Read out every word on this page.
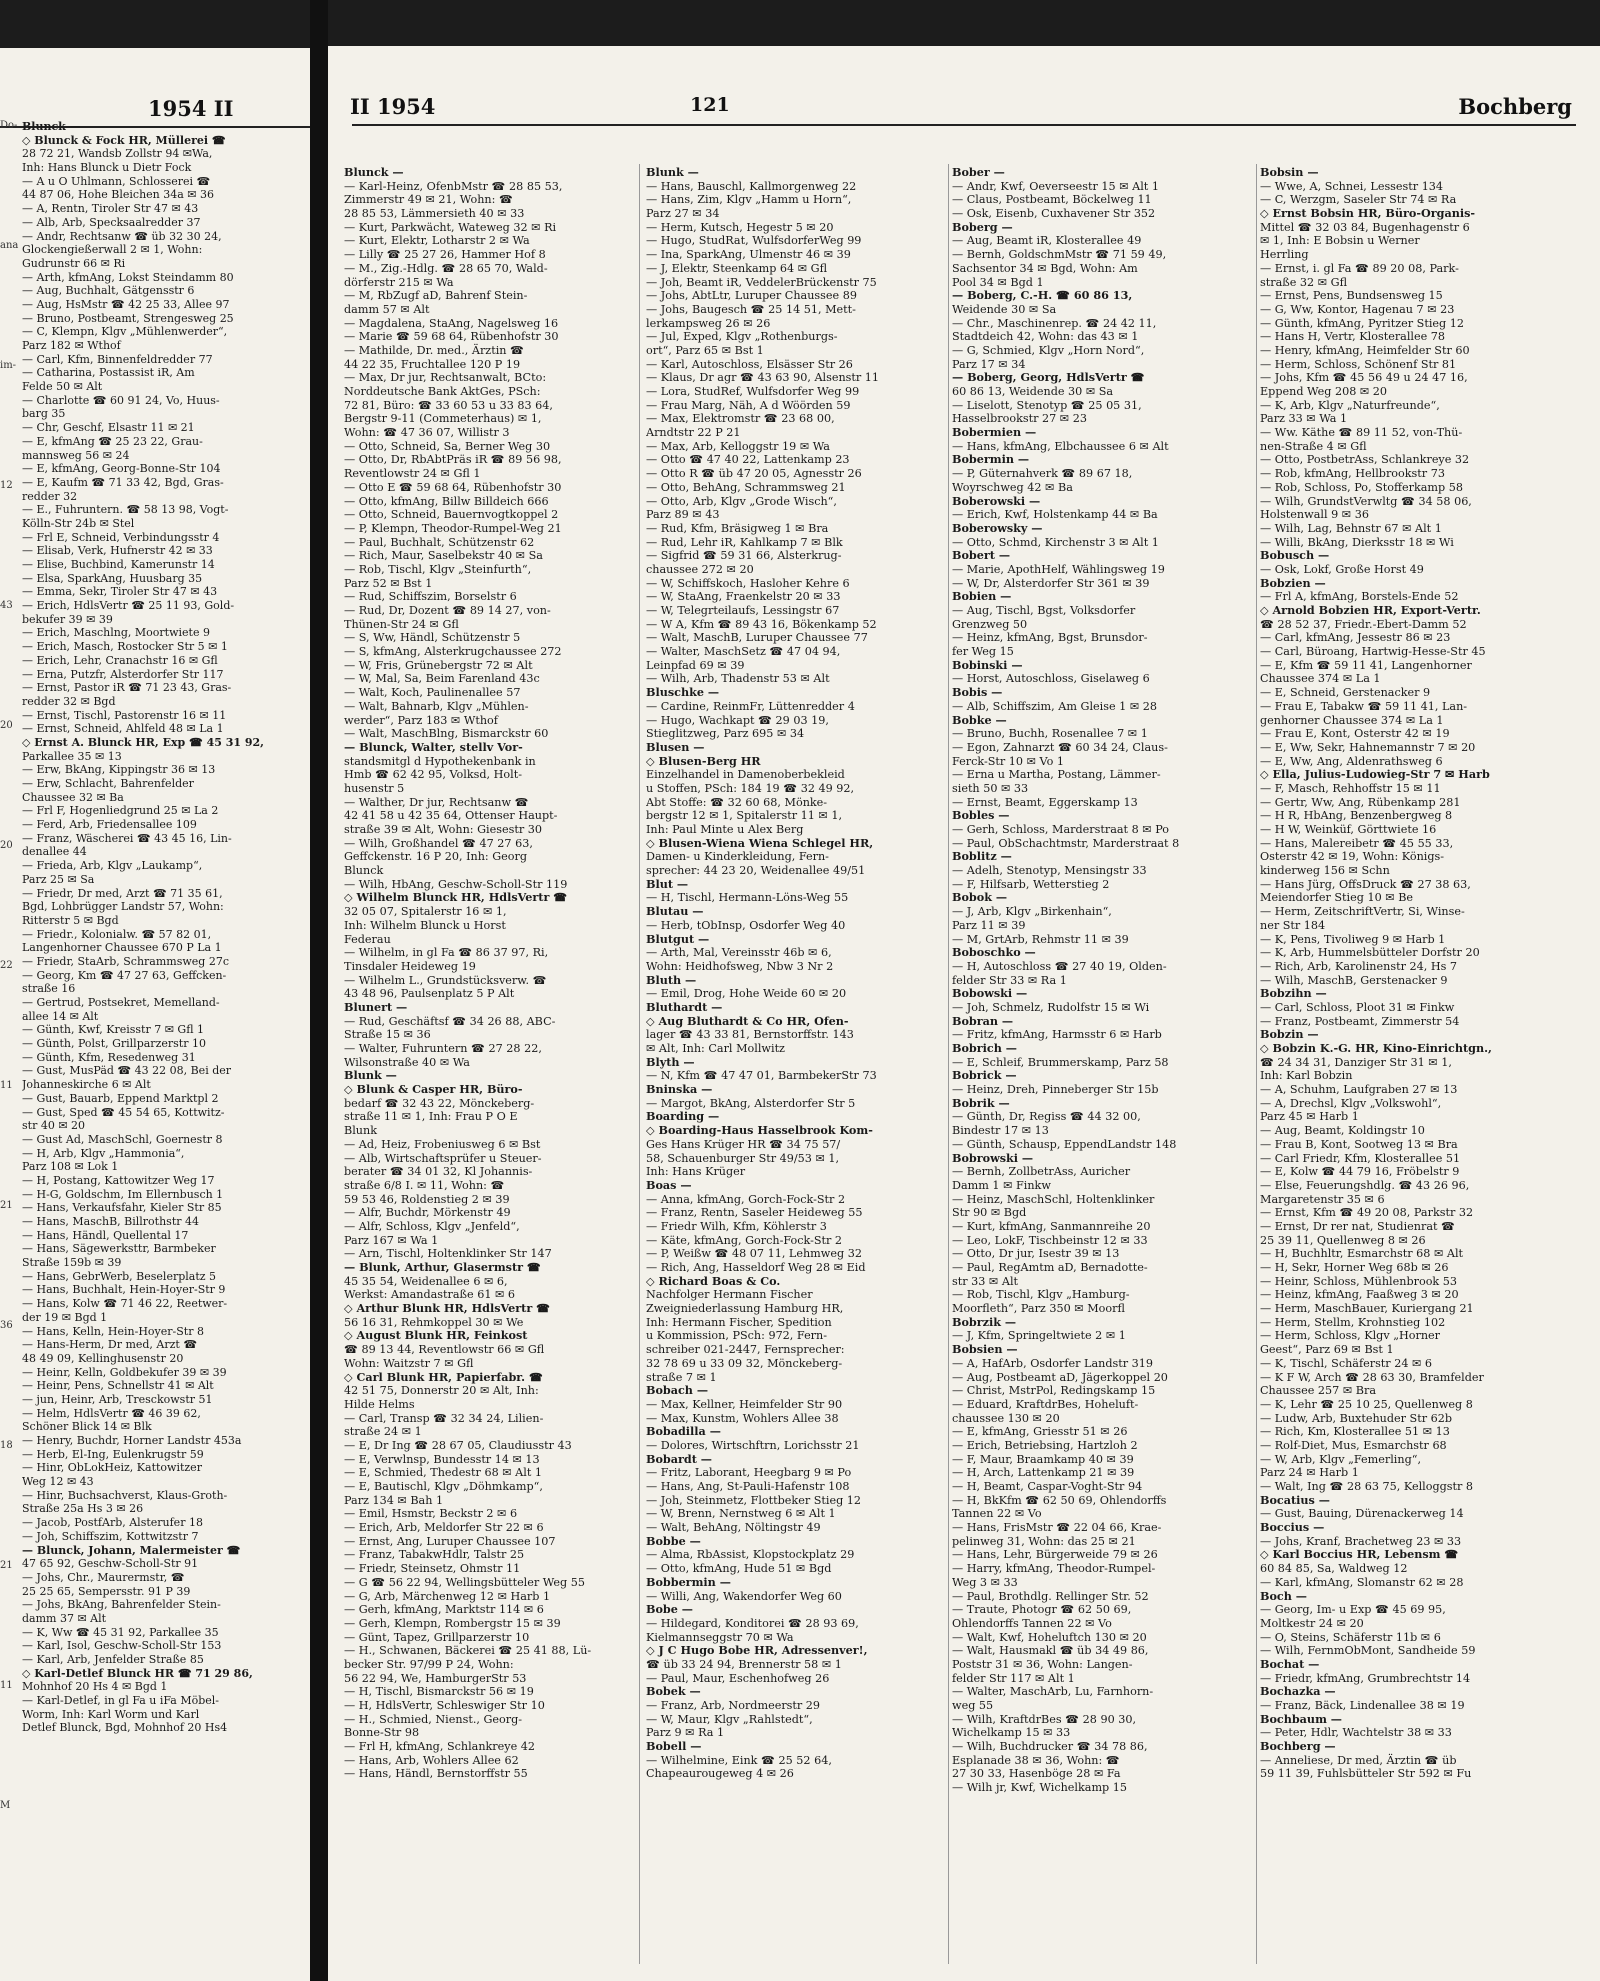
1954 II
Do-
ana
im-
12
43
20
20
22
11
21
36
18
21
11
M
Blunck —
◇ Blunck & Fock HR, Müllerei ☎
28 72 21, Wandsb Zollstr 94 ✉Wa,
Inh: Hans Blunck u Dietr Fock
— A u O Uhlmann, Schlosserei ☎
44 87 06, Hohe Bleichen 34a ✉ 36
— A, Rentn, Tiroler Str 47 ✉ 43
— Alb, Arb, Specksaalredder 37
— Andr, Rechtsanw ☎ üb 32 30 24,
Glockengießerwall 2 ✉ 1, Wohn:
Gudrunstr 66 ✉ Ri
— Arth, kfmAng, Lokst Steindamm 80
— Aug, Buchhalt, Gätgensstr 6
— Aug, HsMstr ☎ 42 25 33, Allee 97
— Bruno, Postbeamt, Strengesweg 25
— C, Klempn, Klgv „Mühlenwerder“,
Parz 182 ✉ Wthof
— Carl, Kfm, Binnenfeldredder 77
— Catharina, Postassist iR, Am
Felde 50 ✉ Alt
— Charlotte ☎ 60 91 24, Vo, Huus-
barg 35
— Chr, Geschf, Elsastr 11 ✉ 21
— E, kfmAng ☎ 25 23 22, Grau-
mannsweg 56 ✉ 24
— E, kfmAng, Georg-Bonne-Str 104
— E, Kaufm ☎ 71 33 42, Bgd, Gras-
redder 32
— E., Fuhruntern. ☎ 58 13 98, Vogt-
Kölln-Str 24b ✉ Stel
— Frl E, Schneid, Verbindungsstr 4
— Elisab, Verk, Hufnerstr 42 ✉ 33
— Elise, Buchbind, Kamerunstr 14
— Elsa, SparkAng, Huusbarg 35
— Emma, Sekr, Tiroler Str 47 ✉ 43
— Erich, HdlsVertr ☎ 25 11 93, Gold-
bekufer 39 ✉ 39
— Erich, Maschlng, Moortwiete 9
— Erich, Masch, Rostocker Str 5 ✉ 1
— Erich, Lehr, Cranachstr 16 ✉ Gfl
— Erna, Putzfr, Alsterdorfer Str 117
— Ernst, Pastor iR ☎ 71 23 43, Gras-
redder 32 ✉ Bgd
— Ernst, Tischl, Pastorenstr 16 ✉ 11
— Ernst, Schneid, Ahlfeld 48 ✉ La 1
◇ Ernst A. Blunck HR, Exp ☎ 45 31 92,
Parkallee 35 ✉ 13
— Erw, BkAng, Kippingstr 36 ✉ 13
— Erw, Schlacht, Bahrenfelder
Chaussee 32 ✉ Ba
— Frl F, Hogenliedgrund 25 ✉ La 2
— Ferd, Arb, Friedensallee 109
— Franz, Wäscherei ☎ 43 45 16, Lin-
denallee 44
— Frieda, Arb, Klgv „Laukamp“,
Parz 25 ✉ Sa
— Friedr, Dr med, Arzt ☎ 71 35 61,
Bgd, Lohbrügger Landstr 57, Wohn:
Ritterstr 5 ✉ Bgd
— Friedr., Kolonialw. ☎ 57 82 01,
Langenhorner Chaussee 670 P La 1
— Friedr, StaArb, Schrammsweg 27c
— Georg, Km ☎ 47 27 63, Geffcken-
straße 16
— Gertrud, Postsekret, Memelland-
allee 14 ✉ Alt
— Günth, Kwf, Kreisstr 7 ✉ Gfl 1
— Günth, Polst, Grillparzerstr 10
— Günth, Kfm, Resedenweg 31
— Gust, MusPäd ☎ 43 22 08, Bei der
Johanneskirche 6 ✉ Alt
— Gust, Bauarb, Eppend Marktpl 2
— Gust, Sped ☎ 45 54 65, Kottwitz-
str 40 ✉ 20
— Gust Ad, MaschSchl, Goernestr 8
— H, Arb, Klgv „Hammonia“,
Parz 108 ✉ Lok 1
— H, Postang, Kattowitzer Weg 17
— H-G, Goldschm, Im Ellernbusch 1
— Hans, Verkaufsfahr, Kieler Str 85
— Hans, MaschB, Billrothstr 44
— Hans, Händl, Quellental 17
— Hans, Sägewerksttr, Barmbeker
Straße 159b ✉ 39
— Hans, GebrWerb, Beselerplatz 5
— Hans, Buchhalt, Hein-Hoyer-Str 9
— Hans, Kolw ☎ 71 46 22, Reetwer-
der 19 ✉ Bgd 1
— Hans, Kelln, Hein-Hoyer-Str 8
— Hans-Herm, Dr med, Arzt ☎
48 49 09, Kellinghusenstr 20
— Heinr, Kelln, Goldbekufer 39 ✉ 39
— Heinr, Pens, Schnellstr 41 ✉ Alt
— jun, Heinr, Arb, Tresckowstr 51
— Helm, HdlsVertr ☎ 46 39 62,
Schöner Blick 14 ✉ Blk
— Henry, Buchdr, Horner Landstr 453a
— Herb, El-Ing, Eulenkrugstr 59
— Hinr, ObLokHeiz, Kattowitzer
Weg 12 ✉ 43
— Hinr, Buchsachverst, Klaus-Groth-
Straße 25a Hs 3 ✉ 26
— Jacob, PostfArb, Alsterufer 18
— Joh, Schiffszim, Kottwitzstr 7
— Blunck, Johann, Malermeister ☎
47 65 92, Geschw-Scholl-Str 91
— Johs, Chr., Maurermstr, ☎
25 25 65, Sempersstr. 91 P 39
— Johs, BkAng, Bahrenfelder Stein-
damm 37 ✉ Alt
— K, Ww ☎ 45 31 92, Parkallee 35
— Karl, Isol, Geschw-Scholl-Str 153
— Karl, Arb, Jenfelder Straße 85
◇ Karl-Detlef Blunck HR ☎ 71 29 86,
Mohnhof 20 Hs 4 ✉ Bgd 1
— Karl-Detlef, in gl Fa u iFa Möbel-
Worm, Inh: Karl Worm und Karl
Detlef Blunck, Bgd, Mohnhof 20 Hs4
II 1954	121	Bochberg
Blunck —
— Karl-Heinz, OfenbMstr ☎ 28 85 53,
Zimmerstr 49 ✉ 21, Wohn: ☎
28 85 53, Lämmersieth 40 ✉ 33
— Kurt, Parkwächt, Wateweg 32 ✉ Ri
— Kurt, Elektr, Lotharstr 2 ✉ Wa
— Lilly ☎ 25 27 26, Hammer Hof 8
— M., Zig.-Hdlg. ☎ 28 65 70, Wald-
dörferstr 215 ✉ Wa
— M, RbZugf aD, Bahrenf Stein-
damm 57 ✉ Alt
— Magdalena, StaAng, Nagelsweg 16
— Marie ☎ 59 68 64, Rübenhofstr 30
— Mathilde, Dr. med., Ärztin ☎
44 22 35, Fruchtallee 120 P 19
— Max, Dr jur, Rechtsanwalt, BCto:
Norddeutsche Bank AktGes, PSch:
72 81, Büro: ☎ 33 60 53 u 33 83 64,
Bergstr 9-11 (Commeterhaus) ✉ 1,
Wohn: ☎ 47 36 07, Willistr 3
— Otto, Schneid, Sa, Berner Weg 30
— Otto, Dr, RbAbtPräs iR ☎ 89 56 98,
Reventlowstr 24 ✉ Gfl 1
— Otto E ☎ 59 68 64, Rübenhofstr 30
— Otto, kfmAng, Billw Billdeich 666
— Otto, Schneid, Bauernvogtkoppel 2
— P, Klempn, Theodor-Rumpel-Weg 21
— Paul, Buchhalt, Schützenstr 62
— Rich, Maur, Saselbekstr 40 ✉ Sa
— Rob, Tischl, Klgv „Steinfurth“,
Parz 52 ✉ Bst 1
— Rud, Schiffszim, Borselstr 6
— Rud, Dr, Dozent ☎ 89 14 27, von-
Thünen-Str 24 ✉ Gfl
— S, Ww, Händl, Schützenstr 5
— S, kfmAng, Alsterkrugchaussee 272
— W, Fris, Grünebergstr 72 ✉ Alt
— W, Mal, Sa, Beim Farenland 43c
— Walt, Koch, Paulinenallee 57
— Walt, Bahnarb, Klgv „Mühlen-
werder“, Parz 183 ✉ Wthof
— Walt, MaschBlng, Bismarckstr 60
— Blunck, Walter, stellv Vor-
standsmitgl d Hypothekenbank in
Hmb ☎ 62 42 95, Volksd, Holt-
husenstr 5
— Walther, Dr jur, Rechtsanw ☎
42 41 58 u 42 35 64, Ottenser Haupt-
straße 39 ✉ Alt, Wohn: Giesestr 30
— Wilh, Großhandel ☎ 47 27 63,
Geffckenstr. 16 P 20, Inh: Georg
Blunck
— Wilh, HbAng, Geschw-Scholl-Str 119
◇ Wilhelm Blunck HR, HdlsVertr ☎
32 05 07, Spitalerstr 16 ✉ 1,
Inh: Wilhelm Blunck u Horst
Federau
— Wilhelm, in gl Fa ☎ 86 37 97, Ri,
Tinsdaler Heideweg 19
— Wilhelm L., Grundstücksverw. ☎
43 48 96, Paulsenplatz 5 P Alt
Blunert —
— Rud, Geschäftsf ☎ 34 26 88, ABC-
Straße 15 ✉ 36
— Walter, Fuhruntern ☎ 27 28 22,
Wilsonstraße 40 ✉ Wa
Blunk —
◇ Blunk & Casper HR, Büro-
bedarf ☎ 32 43 22, Mönckeberg-
straße 11 ✉ 1, Inh: Frau P O E
Blunk
— Ad, Heiz, Frobeniusweg 6 ✉ Bst
— Alb, Wirtschaftsprüfer u Steuer-
berater ☎ 34 01 32, Kl Johannis-
straße 6/8 I. ✉ 11, Wohn: ☎
59 53 46, Roldenstieg 2 ✉ 39
— Alfr, Buchdr, Mörkenstr 49
— Alfr, Schloss, Klgv „Jenfeld“,
Parz 167 ✉ Wa 1
— Arn, Tischl, Holtenklinker Str 147
— Blunk, Arthur, Glasermstr ☎
45 35 54, Weidenallee 6 ✉ 6,
Werkst: Amandastraße 61 ✉ 6
◇ Arthur Blunk HR, HdlsVertr ☎
56 16 31, Rehmkoppel 30 ✉ We
◇ August Blunk HR, Feinkost
☎ 89 13 44, Reventlowstr 66 ✉ Gfl
Wohn: Waitzstr 7 ✉ Gfl
◇ Carl Blunk HR, Papierfabr. ☎
42 51 75, Donnerstr 20 ✉ Alt, Inh:
Hilde Helms
— Carl, Transp ☎ 32 34 24, Lilien-
straße 24 ✉ 1
— E, Dr Ing ☎ 28 67 05, Claudiusstr 43
— E, Verwlnsp, Bundesstr 14 ✉ 13
— E, Schmied, Thedestr 68 ✉ Alt 1
— E, Bautischl, Klgv „Döhmkamp“,
Parz 134 ✉ Bah 1
— Emil, Hsmstr, Beckstr 2 ✉ 6
— Erich, Arb, Meldorfer Str 22 ✉ 6
— Ernst, Ang, Luruper Chaussee 107
— Franz, TabakwHdlr, Talstr 25
— Friedr, Steinsetz, Ohmstr 11
— G ☎ 56 22 94, Wellingsbütteler Weg 55
— G, Arb, Märchenweg 12 ✉ Harb 1
— Gerh, kfmAng, Marktstr 114 ✉ 6
— Gerh, Klempn, Rombergstr 15 ✉ 39
— Günt, Tapez, Grillparzerstr 10
— H., Schwanen, Bäckerei ☎ 25 41 88, Lü-
becker Str. 97/99 P 24, Wohn:
56 22 94, We, HamburgerStr 53
— H, Tischl, Bismarckstr 56 ✉ 19
— H, HdlsVertr, Schleswiger Str 10
— H., Schmied, Nienst., Georg-
Bonne-Str 98
— Frl H, kfmAng, Schlankreye 42
— Hans, Arb, Wohlers Allee 62
— Hans, Händl, Bernstorffstr 55
Blunk —
— Hans, Bauschl, Kallmorgenweg 22
— Hans, Zim, Klgv „Hamm u Horn“,
Parz 27 ✉ 34
— Herm, Kutsch, Hegestr 5 ✉ 20
— Hugo, StudRat, WulfsdorferWeg 99
— Ina, SparkAng, Ulmenstr 46 ✉ 39
— J, Elektr, Steenkamp 64 ✉ Gfl
— Joh, Beamt iR, VeddelerBrückenstr 75
— Johs, AbtLtr, Luruper Chaussee 89
— Johs, Baugesch ☎ 25 14 51, Mett-
lerkampsweg 26 ✉ 26
— Jul, Exped, Klgv „Rothenburgs-
ort“, Parz 65 ✉ Bst 1
— Karl, Autoschloss, Elsässer Str 26
— Klaus, Dr agr ☎ 43 63 90, Alsenstr 11
— Lora, StudRef, Wulfsdorfer Weg 99
— Frau Marg, Näh, A d Wöörden 59
— Max, Elektromstr ☎ 23 68 00,
Arndtstr 22 P 21
— Max, Arb, Kelloggstr 19 ✉ Wa
— Otto ☎ 47 40 22, Lattenkamp 23
— Otto R ☎ üb 47 20 05, Agnesstr 26
— Otto, BehAng, Schrammsweg 21
— Otto, Arb, Klgv „Grode Wisch“,
Parz 89 ✉ 43
— Rud, Kfm, Bräsigweg 1 ✉ Bra
— Rud, Lehr iR, Kahlkamp 7 ✉ Blk
— Sigfrid ☎ 59 31 66, Alsterkrug-
chaussee 272 ✉ 20
— W, Schiffskoch, Hasloher Kehre 6
— W, StaAng, Fraenkelstr 20 ✉ 33
— W, Telegrteilaufs, Lessingstr 67
— W A, Kfm ☎ 89 43 16, Bökenkamp 52
— Walt, MaschB, Luruper Chaussee 77
— Walter, MaschSetz ☎ 47 04 94,
Leinpfad 69 ✉ 39
— Wilh, Arb, Thadenstr 53 ✉ Alt
Bluschke —
— Cardine, ReinmFr, Lüttenredder 4
— Hugo, Wachkapt ☎ 29 03 19,
Stieglitzweg, Parz 695 ✉ 34
Blusen —
◇ Blusen-Berg HR
Einzelhandel in Damenoberbekleid
u Stoffen, PSch: 184 19 ☎ 32 49 92,
Abt Stoffe: ☎ 32 60 68, Mönke-
bergstr 12 ✉ 1, Spitalerstr 11 ✉ 1,
Inh: Paul Minte u Alex Berg
◇ Blusen-Wiena Wiena Schlegel HR,
Damen- u Kinderkleidung, Fern-
sprecher: 44 23 20, Weidenallee 49/51
Blut —
— H, Tischl, Hermann-Löns-Weg 55
Blutau —
— Herb, tObInsp, Osdorfer Weg 40
Blutgut —
— Arth, Mal, Vereinsstr 46b ✉ 6,
Wohn: Heidhofsweg, Nbw 3 Nr 2
Bluth —
— Emil, Drog, Hohe Weide 60 ✉ 20
Bluthardt —
◇ Aug Bluthardt & Co HR, Ofen-
lager ☎ 43 33 81, Bernstorffstr. 143
✉ Alt, Inh: Carl Mollwitz
Blyth —
— N, Kfm ☎ 47 47 01, BarmbekerStr 73
Bninska —
— Margot, BkAng, Alsterdorfer Str 5
Boarding —
◇ Boarding-Haus Hasselbrook Kom-
Ges Hans Krüger HR ☎ 34 75 57/
58, Schauenburger Str 49/53 ✉ 1,
Inh: Hans Krüger
Boas —
— Anna, kfmAng, Gorch-Fock-Str 2
— Franz, Rentn, Saseler Heideweg 55
— Friedr Wilh, Kfm, Köhlerstr 3
— Käte, kfmAng, Gorch-Fock-Str 2
— P, Weißw ☎ 48 07 11, Lehmweg 32
— Rich, Ang, Hasseldorf Weg 28 ✉ Eid
◇ Richard Boas & Co.
Nachfolger Hermann Fischer
Zweigniederlassung Hamburg HR,
Inh: Hermann Fischer, Spedition
u Kommission, PSch: 972, Fern-
schreiber 021-2447, Fernsprecher:
32 78 69 u 33 09 32, Mönckeberg-
straße 7 ✉ 1
Bobach —
— Max, Kellner, Heimfelder Str 90
— Max, Kunstm, Wohlers Allee 38
Bobadilla —
— Dolores, Wirtschftrn, Lorichsstr 21
Bobardt —
— Fritz, Laborant, Heegbarg 9 ✉ Po
— Hans, Ang, St-Pauli-Hafenstr 108
— Joh, Steinmetz, Flottbeker Stieg 12
— W, Brenn, Nernstweg 6 ✉ Alt 1
— Walt, BehAng, Nöltingstr 49
Bobbe —
— Alma, RbAssist, Klopstockplatz 29
— Otto, kfmAng, Hude 51 ✉ Bgd
Bobbermin —
— Willi, Ang, Wakendorfer Weg 60
Bobe —
— Hildegard, Konditorei ☎ 28 93 69,
Kielmannseggstr 70 ✉ Wa
◇ J C Hugo Bobe HR, Adressenver!,
☎ üb 33 24 94, Brennerstr 58 ✉ 1
— Paul, Maur, Eschenhofweg 26
Bobek —
— Franz, Arb, Nordmeerstr 29
— W, Maur, Klgv „Rahlstedt“,
Parz 9 ✉ Ra 1
Bobell —
— Wilhelmine, Eink ☎ 25 52 64,
Chapeaurougeweg 4 ✉ 26
Bober —
— Andr, Kwf, Oeverseestr 15 ✉ Alt 1
— Claus, Postbeamt, Böckelweg 11
— Osk, Eisenb, Cuxhavener Str 352
Boberg —
— Aug, Beamt iR, Klosterallee 49
— Bernh, GoldschmMstr ☎ 71 59 49,
Sachsentor 34 ✉ Bgd, Wohn: Am
Pool 34 ✉ Bgd 1
— Boberg, C.-H. ☎ 60 86 13,
Weidende 30 ✉ Sa
— Chr., Maschinenrep. ☎ 24 42 11,
Stadtdeich 42, Wohn: das 43 ✉ 1
— G, Schmied, Klgv „Horn Nord“,
Parz 17 ✉ 34
— Boberg, Georg, HdlsVertr ☎
60 86 13, Weidende 30 ✉ Sa
— Liselott, Stenotyp ☎ 25 05 31,
Hasselbrookstr 27 ✉ 23
Bobermien —
— Hans, kfmAng, Elbchaussee 6 ✉ Alt
Bobermin —
— P, Güternahverk ☎ 89 67 18,
Woyrschweg 42 ✉ Ba
Boberowski —
— Erich, Kwf, Holstenkamp 44 ✉ Ba
Boberowsky —
— Otto, Schmd, Kirchenstr 3 ✉ Alt 1
Bobert —
— Marie, ApothHelf, Wählingsweg 19
— W, Dr, Alsterdorfer Str 361 ✉ 39
Bobien —
— Aug, Tischl, Bgst, Volksdorfer
Grenzweg 50
— Heinz, kfmAng, Bgst, Brunsdor-
fer Weg 15
Bobinski —
— Horst, Autoschloss, Giselaweg 6
Bobis —
— Alb, Schiffszim, Am Gleise 1 ✉ 28
Bobke —
— Bruno, Buchh, Rosenallee 7 ✉ 1
— Egon, Zahnarzt ☎ 60 34 24, Claus-
Ferck-Str 10 ✉ Vo 1
— Erna u Martha, Postang, Lämmer-
sieth 50 ✉ 33
— Ernst, Beamt, Eggerskamp 13
Bobles —
— Gerh, Schloss, Marderstraat 8 ✉ Po
— Paul, ObSchachtmstr, Marderstraat 8
Boblitz —
— Adelh, Stenotyp, Mensingstr 33
— F, Hilfsarb, Wetterstieg 2
Bobok —
— J, Arb, Klgv „Birkenhain“,
Parz 11 ✉ 39
— M, GrtArb, Rehmstr 11 ✉ 39
Boboschko —
— H, Autoschloss ☎ 27 40 19, Olden-
felder Str 33 ✉ Ra 1
Bobowski —
— Joh, Schmelz, Rudolfstr 15 ✉ Wi
Bobran —
— Fritz, kfmAng, Harmsstr 6 ✉ Harb
Bobrich —
— E, Schleif, Brummerskamp, Parz 58
Bobrick —
— Heinz, Dreh, Pinneberger Str 15b
Bobrik —
— Günth, Dr, Regiss ☎ 44 32 00,
Bindestr 17 ✉ 13
— Günth, Schausp, EppendLandstr 148
Bobrowski —
— Bernh, ZollbetrAss, Auricher
Damm 1 ✉ Finkw
— Heinz, MaschSchl, Holtenklinker
Str 90 ✉ Bgd
— Kurt, kfmAng, Sanmannreihe 20
— Leo, LokF, Tischbeinstr 12 ✉ 33
— Otto, Dr jur, Isestr 39 ✉ 13
— Paul, RegAmtm aD, Bernadotte-
str 33 ✉ Alt
— Rob, Tischl, Klgv „Hamburg-
Moorfleth“, Parz 350 ✉ Moorfl
Bobrzik —
— J, Kfm, Springeltwiete 2 ✉ 1
Bobsien —
— A, HafArb, Osdorfer Landstr 319
— Aug, Postbeamt aD, Jägerkoppel 20
— Christ, MstrPol, Redingskamp 15
— Eduard, KraftdrBes, Hoheluft-
chaussee 130 ✉ 20
— E, kfmAng, Griesstr 51 ✉ 26
— Erich, Betriebsing, Hartzloh 2
— F, Maur, Braamkamp 40 ✉ 39
— H, Arch, Lattenkamp 21 ✉ 39
— H, Beamt, Caspar-Voght-Str 94
— H, BkKfm ☎ 62 50 69, Ohlendorffs
Tannen 22 ✉ Vo
— Hans, FrisMstr ☎ 22 04 66, Krae-
pelinweg 31, Wohn: das 25 ✉ 21
— Hans, Lehr, Bürgerweide 79 ✉ 26
— Harry, kfmAng, Theodor-Rumpel-
Weg 3 ✉ 33
— Paul, Brothdlg. Rellinger Str. 52
— Traute, Photogr ☎ 62 50 69,
Ohlendorffs Tannen 22 ✉ Vo
— Walt, Kwf, Hoheluftch 130 ✉ 20
— Walt, Hausmakl ☎ üb 34 49 86,
Poststr 31 ✉ 36, Wohn: Langen-
felder Str 117 ✉ Alt 1
— Walter, MaschArb, Lu, Farnhorn-
weg 55
— Wilh, KraftdrBes ☎ 28 90 30,
Wichelkamp 15 ✉ 33
— Wilh, Buchdrucker ☎ 34 78 86,
Esplanade 38 ✉ 36, Wohn: ☎
27 30 33, Hasenböge 28 ✉ Fa
— Wilh jr, Kwf, Wichelkamp 15
Bobsin —
— Wwe, A, Schnei, Lessestr 134
— C, Werzgm, Saseler Str 74 ✉ Ra
◇ Ernst Bobsin HR, Büro-Organis-
Mittel ☎ 32 03 84, Bugenhagenstr 6
✉ 1, Inh: E Bobsin u Werner
Herrling
— Ernst, i. gl Fa ☎ 89 20 08, Park-
straße 32 ✉ Gfl
— Ernst, Pens, Bundsensweg 15
— G, Ww, Kontor, Hagenau 7 ✉ 23
— Günth, kfmAng, Pyritzer Stieg 12
— Hans H, Vertr, Klosterallee 78
— Henry, kfmAng, Heimfelder Str 60
— Herm, Schloss, Schönenf Str 81
— Johs, Kfm ☎ 45 56 49 u 24 47 16,
Eppend Weg 208 ✉ 20
— K, Arb, Klgv „Naturfreunde“,
Parz 33 ✉ Wa 1
— Ww. Käthe ☎ 89 11 52, von-Thü-
nen-Straße 4 ✉ Gfl
— Otto, PostbetrAss, Schlankreye 32
— Rob, kfmAng, Hellbrookstr 73
— Rob, Schloss, Po, Stofferkamp 58
— Wilh, GrundstVerwltg ☎ 34 58 06,
Holstenwall 9 ✉ 36
— Wilh, Lag, Behnstr 67 ✉ Alt 1
— Willi, BkAng, Dierksstr 18 ✉ Wi
Bobusch —
— Osk, Lokf, Große Horst 49
Bobzien —
— Frl A, kfmAng, Borstels-Ende 52
◇ Arnold Bobzien HR, Export-Vertr.
☎ 28 52 37, Friedr.-Ebert-Damm 52
— Carl, kfmAng, Jessestr 86 ✉ 23
— Carl, Büroang, Hartwig-Hesse-Str 45
— E, Kfm ☎ 59 11 41, Langenhorner
Chaussee 374 ✉ La 1
— E, Schneid, Gerstenacker 9
— Frau E, Tabakw ☎ 59 11 41, Lan-
genhorner Chaussee 374 ✉ La 1
— Frau E, Kont, Osterstr 42 ✉ 19
— E, Ww, Sekr, Hahnemannstr 7 ✉ 20
— E, Ww, Ang, Aldenrathsweg 6
◇ Ella, Julius-Ludowieg-Str 7 ✉ Harb
— F, Masch, Rehhoffstr 15 ✉ 11
— Gertr, Ww, Ang, Rübenkamp 281
— H R, HbAng, Benzenbergweg 8
— H W, Weinküf, Görttwiete 16
— Hans, Malereibetr ☎ 45 55 33,
Osterstr 42 ✉ 19, Wohn: Königs-
kinderweg 156 ✉ Schn
— Hans Jürg, OffsDruck ☎ 27 38 63,
Meiendorfer Stieg 10 ✉ Be
— Herm, ZeitschriftVertr, Si, Winse-
ner Str 184
— K, Pens, Tivoliweg 9 ✉ Harb 1
— K, Arb, Hummelsbütteler Dorfstr 20
— Rich, Arb, Karolinenstr 24, Hs 7
— Wilh, MaschB, Gerstenacker 9
Bobzihn —
— Carl, Schloss, Ploot 31 ✉ Finkw
— Franz, Postbeamt, Zimmerstr 54
Bobzin —
◇ Bobzin K.-G. HR, Kino-Einrichtgn.,
☎ 24 34 31, Danziger Str 31 ✉ 1,
Inh: Karl Bobzin
— A, Schuhm, Laufgraben 27 ✉ 13
— A, Drechsl, Klgv „Volkswohl“,
Parz 45 ✉ Harb 1
— Aug, Beamt, Koldingstr 10
— Frau B, Kont, Sootweg 13 ✉ Bra
— Carl Friedr, Kfm, Klosterallee 51
— E, Kolw ☎ 44 79 16, Fröbelstr 9
— Else, Feuerungshdlg. ☎ 43 26 96,
Margaretenstr 35 ✉ 6
— Ernst, Kfm ☎ 49 20 08, Parkstr 32
— Ernst, Dr rer nat, Studienrat ☎
25 39 11, Quellenweg 8 ✉ 26
— H, Buchhltr, Esmarchstr 68 ✉ Alt
— H, Sekr, Horner Weg 68b ✉ 26
— Heinr, Schloss, Mühlenbrook 53
— Heinz, kfmAng, Faaßweg 3 ✉ 20
— Herm, MaschBauer, Kuriergang 21
— Herm, Stellm, Krohnstieg 102
— Herm, Schloss, Klgv „Horner
Geest“, Parz 69 ✉ Bst 1
— K, Tischl, Schäferstr 24 ✉ 6
— K F W, Arch ☎ 28 63 30, Bramfelder
Chaussee 257 ✉ Bra
— K, Lehr ☎ 25 10 25, Quellenweg 8
— Ludw, Arb, Buxtehuder Str 62b
— Rich, Km, Klosterallee 51 ✉ 13
— Rolf-Diet, Mus, Esmarchstr 68
— W, Arb, Klgv „Femerling“,
Parz 24 ✉ Harb 1
— Walt, Ing ☎ 28 63 75, Kelloggstr 8
Bocatius —
— Gust, Bauing, Dürenackerweg 14
Boccius —
— Johs, Kranf, Brachetweg 23 ✉ 33
◇ Karl Boccius HR, Lebensm ☎
60 84 85, Sa, Waldweg 12
— Karl, kfmAng, Slomanstr 62 ✉ 28
Boch —
— Georg, Im- u Exp ☎ 45 69 95,
Moltkestr 24 ✉ 20
— O, Steins, Schäferstr 11b ✉ 6
— Wilh, FernmObMont, Sandheide 59
Bochat —
— Friedr, kfmAng, Grumbrechtstr 14
Bochazka —
— Franz, Bäck, Lindenallee 38 ✉ 19
Bochbaum —
— Peter, Hdlr, Wachtelstr 38 ✉ 33
Bochberg —
— Anneliese, Dr med, Ärztin ☎ üb
59 11 39, Fuhlsbütteler Str 592 ✉ Fu
